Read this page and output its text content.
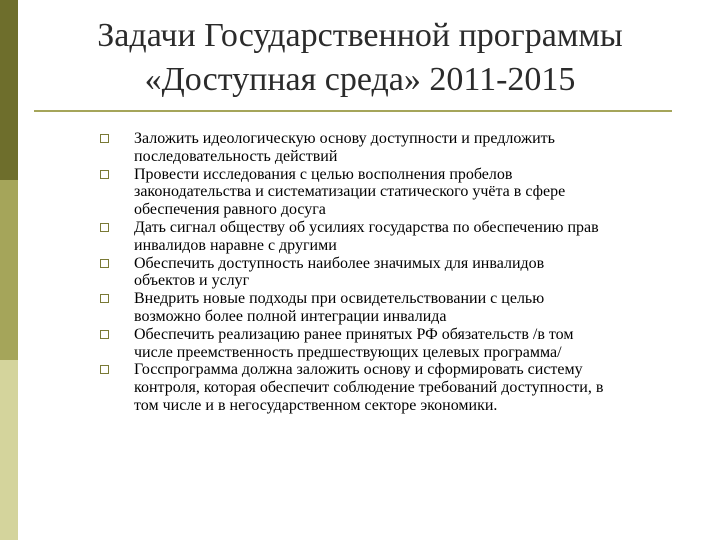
Задачи Государственной программы
«Доступная среда» 2011-2015
Заложить идеологическую основу доступности и предложить
последовательность действий
Провести исследования с целью восполнения пробелов
законодательства и систематизации статического учёта в сфере
обеспечения равного досуга
Дать сигнал обществу об усилиях государства по обеспечению прав
инвалидов наравне с другими
Обеспечить доступность наиболее значимых для инвалидов
объектов и услуг
Внедрить новые подходы при освидетельствовании с целью
возможно более полной интеграции инвалида
Обеспечить реализацию ранее принятых РФ обязательств /в том
числе преемственность предшествующих целевых программа/
Госспрограмма должна заложить основу и сформировать систему
контроля, которая обеспечит соблюдение требований доступности, в
том числе и в негосударственном секторе экономики.
